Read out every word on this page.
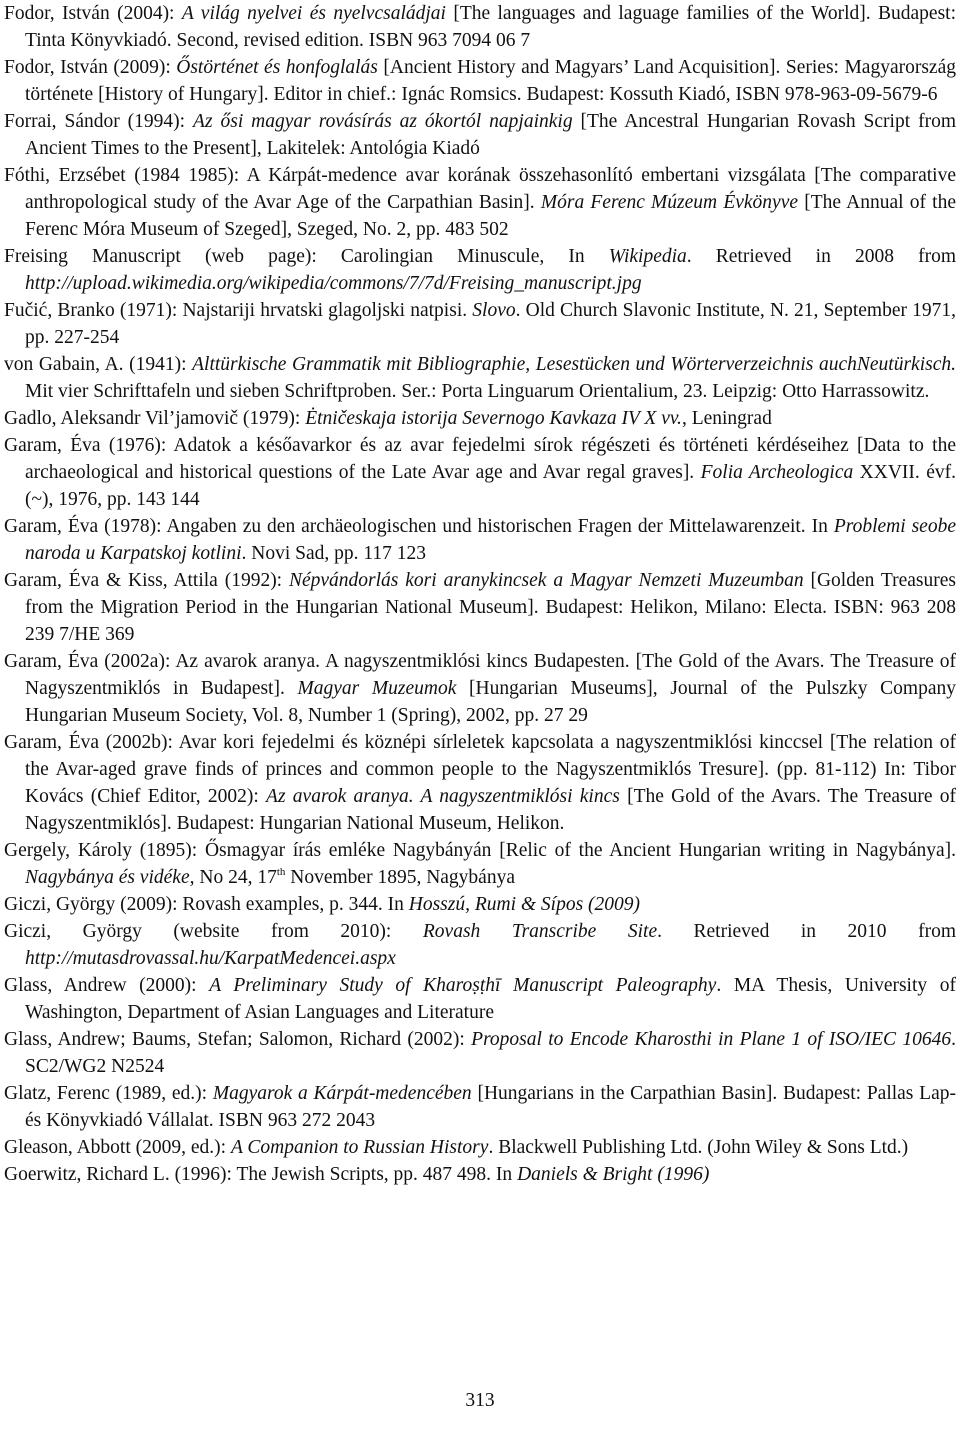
Fodor, István (2004): A világ nyelvei és nyelvcsaládjai [The languages and laguage families of the World]. Budapest: Tinta Könyvkiadó. Second, revised edition. ISBN 963 7094 06 7

Fodor, István (2009): Őstörténet és honfoglalás [Ancient History and Magyars’ Land Acquisition]. Series: Magyarország története [History of Hungary]. Editor in chief.: Ignác Romsics. Budapest: Kossuth Kiadó, ISBN 978-963-09-5679-6

Forrai, Sándor (1994): Az ősi magyar rovásírás az ókortól napjainkig [The Ancestral Hungarian Rovash Script from Ancient Times to the Present], Lakitelek: Antológia Kiadó

Fóthi, Erzsébet (1984 1985): A Kárpát-medence avar korának összehasonlító embertani vizsgálata [The comparative anthropological study of the Avar Age of the Carpathian Basin]. Móra Ferenc Múzeum Évkönyve [The Annual of the Ferenc Móra Museum of Szeged], Szeged, No. 2, pp. 483 502

Freising Manuscript (web page): Carolingian Minuscule, In Wikipedia. Retrieved in 2008 from http://upload.wikimedia.org/wikipedia/commons/7/7d/Freising_manuscript.jpg

Fučić, Branko (1971): Najstariji hrvatski glagoljski natpisi. Slovo. Old Church Slavonic Institute, N. 21, September 1971, pp. 227-254

von Gabain, A. (1941): Alttürkische Grammatik mit Bibliographie, Lesestücken und Wörterverzeichnis auchNeutürkisch. Mit vier Schrifttafeln und sieben Schriftproben. Ser.: Porta Linguarum Orientalium, 23. Leipzig: Otto Harrassowitz.

Gadlo, Aleksandr Vil’jamovič (1979): Ėtničeskaja istorija Severnogo Kavkaza IV X vv., Leningrad

Garam, Éva (1976): Adatok a későavarkor és az avar fejedelmi sírok régészeti és történeti kérdéseihez [Data to the archaeological and historical questions of the Late Avar age and Avar regal graves]. Folia Archeologica XXVII. évf. (~), 1976, pp. 143 144

Garam, Éva (1978): Angaben zu den archäeologischen und historischen Fragen der Mittelawarenzeit. In Problemi seobe naroda u Karpatskoj kotlini. Novi Sad, pp. 117 123

Garam, Éva & Kiss, Attila (1992): Népvándorlás kori aranykincsek a Magyar Nemzeti Muzeumban [Golden Treasures from the Migration Period in the Hungarian National Museum]. Budapest: Helikon, Milano: Electa. ISBN: 963 208 239 7/HE 369

Garam, Éva (2002a): Az avarok aranya. A nagyszentmiklósi kincs Budapesten. [The Gold of the Avars. The Treasure of Nagyszentmiklós in Budapest]. Magyar Muzeumok [Hungarian Museums], Journal of the Pulszky Company Hungarian Museum Society, Vol. 8, Number 1 (Spring), 2002, pp. 27 29

Garam, Éva (2002b): Avar kori fejedelmi és köznépi sírleletek kapcsolata a nagyszentmiklósi kinccsel [The relation of the Avar-aged grave finds of princes and common people to the Nagyszentmiklós Tresure]. (pp. 81-112) In: Tibor Kovács (Chief Editor, 2002): Az avarok aranya. A nagyszentmiklósi kincs [The Gold of the Avars. The Treasure of Nagyszentmiklós]. Budapest: Hungarian National Museum, Helikon.

Gergely, Károly (1895): Ősmagyar írás emléke Nagybányán [Relic of the Ancient Hungarian writing in Nagybánya]. Nagybánya és vidéke, No 24, 17th November 1895, Nagybánya

Giczi, György (2009): Rovash examples, p. 344. In Hosszú, Rumi & Sípos (2009)

Giczi, György (website from 2010): Rovash Transcribe Site. Retrieved in 2010 from http://mutasdrovassal.hu/KarpatMedencei.aspx

Glass, Andrew (2000): A Preliminary Study of Kharoṣṭhī Manuscript Paleography. MA Thesis, University of Washington, Department of Asian Languages and Literature

Glass, Andrew; Baums, Stefan; Salomon, Richard (2002): Proposal to Encode Kharosthi in Plane 1 of ISO/IEC 10646. SC2/WG2 N2524

Glatz, Ferenc (1989, ed.): Magyarok a Kárpát-medencében [Hungarians in the Carpathian Basin]. Budapest: Pallas Lap- és Könyvkiadó Vállalat. ISBN 963 272 2043

Gleason, Abbott (2009, ed.): A Companion to Russian History. Blackwell Publishing Ltd. (John Wiley & Sons Ltd.)

Goerwitz, Richard L. (1996): The Jewish Scripts, pp. 487 498. In Daniels & Bright (1996)

313
